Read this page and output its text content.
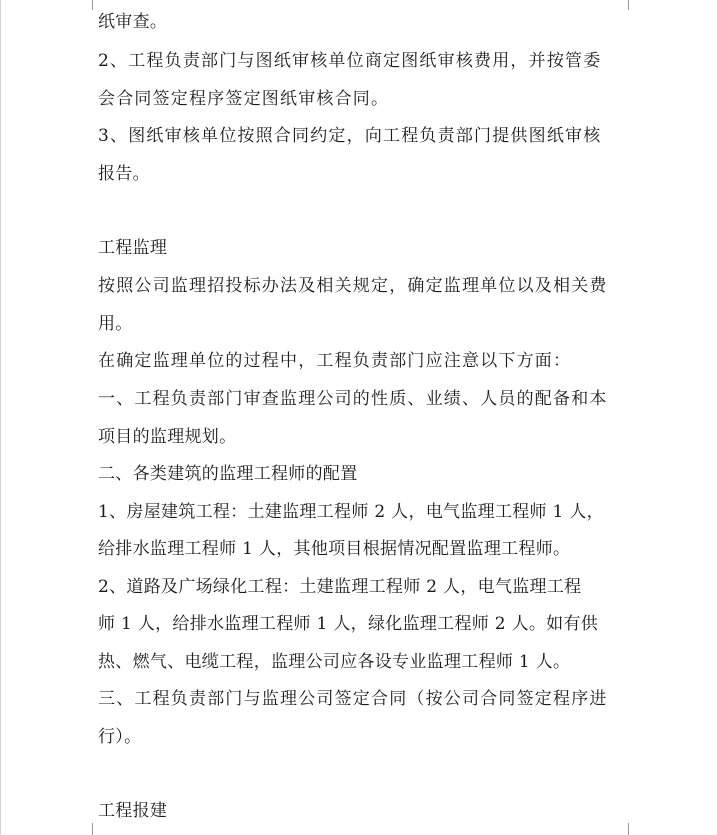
纸审查。
2、工程负责部门与图纸审核单位商定图纸审核费用，并按管委
会合同签定程序签定图纸审核合同。
3、图纸审核单位按照合同约定，向工程负责部门提供图纸审核
报告。
工程监理
按照公司监理招投标办法及相关规定，确定监理单位以及相关费
用。
在确定监理单位的过程中，工程负责部门应注意以下方面：
一、工程负责部门审查监理公司的性质、业绩、人员的配备和本
项目的监理规划。
二、各类建筑的监理工程师的配置
1、房屋建筑工程：土建监理工程师 2 人，电气监理工程师 1 人，
给排水监理工程师 1 人，其他项目根据情况配置监理工程师。
2、道路及广场绿化工程：土建监理工程师 2 人，电气监理工程
师 1 人，给排水监理工程师 1 人，绿化监理工程师 2 人。如有供
热、燃气、电缆工程，监理公司应各设专业监理工程师 1 人。
三、工程负责部门与监理公司签定合同（按公司合同签定程序进
行）。
工程报建
